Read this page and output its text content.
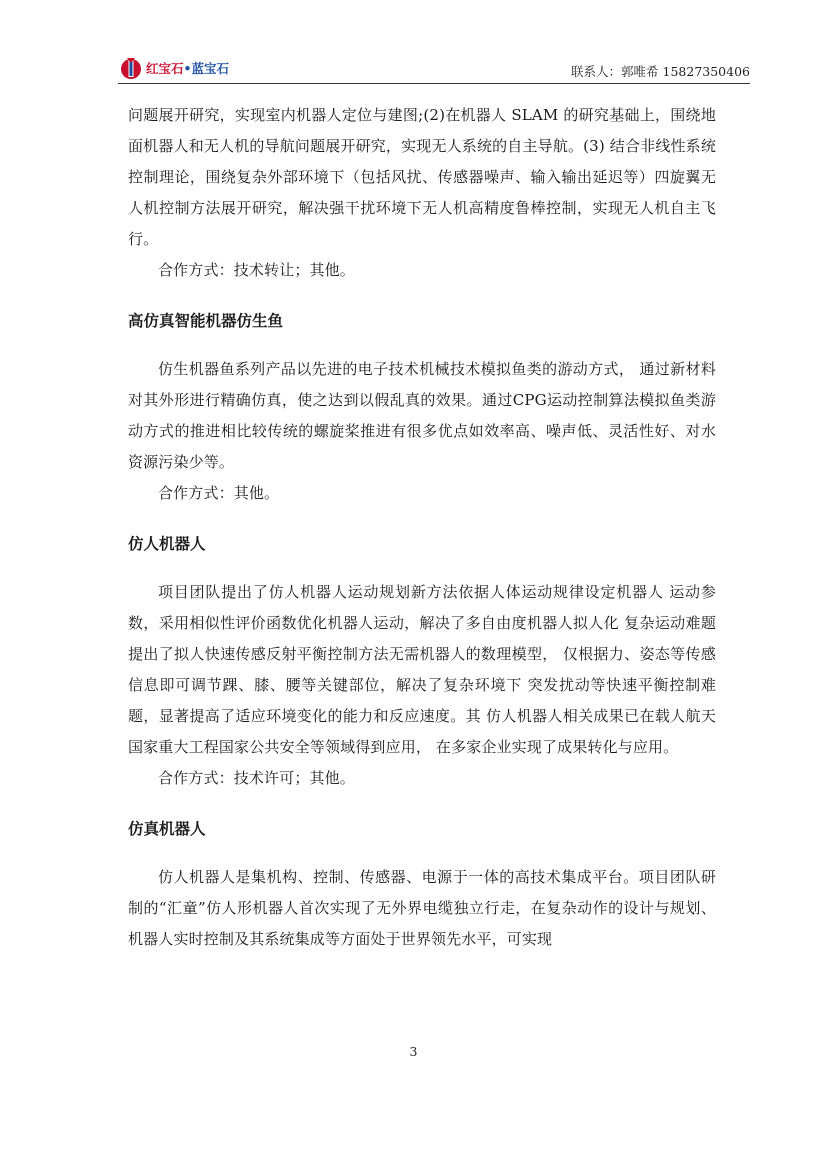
红宝石•蓝宝石	联系人：郭唯希 15827350406

问题展开研究，实现室内机器人定位与建图;(2)在机器人 SLAM 的研究基础上，围绕地面机器人和无人机的导航问题展开研究，实现无人系统的自主导航。(3) 结合非线性系统控制理论，围绕复杂外部环境下（包括风扰、传感器噪声、输入输出延迟等）四旋翼无人机控制方法展开研究，解决强干扰环境下无人机高精度鲁棒控制，实现无人机自主飞行。

合作方式：技术转让；其他。

高仿真智能机器仿生鱼

仿生机器鱼系列产品以先进的电子技术机械技术模拟鱼类的游动方式， 通过新材料对其外形进行精确仿真，使之达到以假乱真的效果。通过CPG运动控制算法模拟鱼类游动方式的推进相比较传统的螺旋桨推进有很多优点如效率高、噪声低、灵活性好、对水资源污染少等。

合作方式：其他。

仿人机器人

项目团队提出了仿人机器人运动规划新方法依据人体运动规律设定机器人 运动参数，采用相似性评价函数优化机器人运动，解决了多自由度机器人拟人化 复杂运动难题提出了拟人快速传感反射平衡控制方法无需机器人的数理模型， 仅根据力、姿态等传感信息即可调节踝、膝、腰等关键部位，解决了复杂环境下 突发扰动等快速平衡控制难题，显著提高了适应环境变化的能力和反应速度。其 仿人机器人相关成果已在载人航天国家重大工程国家公共安全等领域得到应用， 在多家企业实现了成果转化与应用。

合作方式：技术许可；其他。

仿真机器人

仿人机器人是集机构、控制、传感器、电源于一体的高技术集成平台。项目团队研制的“汇童”仿人形机器人首次实现了无外界电缆独立行走，在复杂动作的设计与规划、机器人实时控制及其系统集成等方面处于世界领先水平，可实现

3
